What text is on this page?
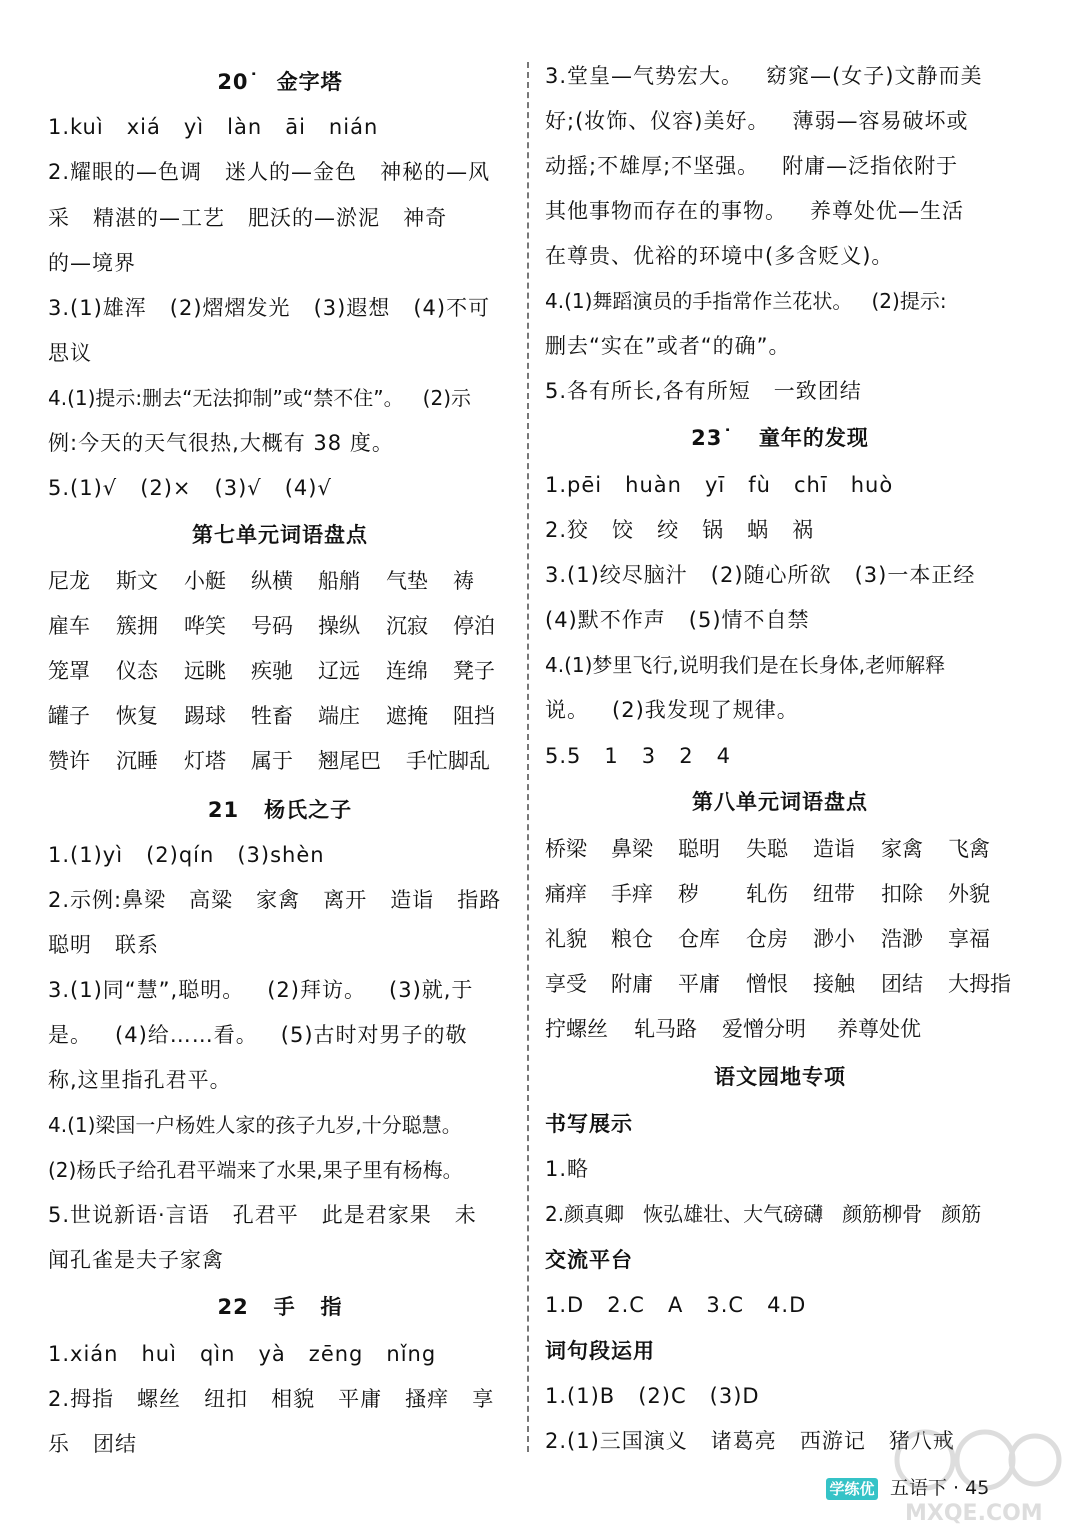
20˙  金字塔
1.kuì   xiá   yì   làn   āi   nián
2.耀眼的—色调   迷人的—金色   神秘的—风
采   精湛的—工艺   肥沃的—淤泥   神奇
的—境界
3.(1)雄浑   (2)熠熠发光   (3)遐想   (4)不可
思议
4.(1)提示:删去“无法抑制”或“禁不住”。   (2)示
例:今天的天气很热,大概有 38 度。
5.(1)√   (2)×   (3)√   (4)√
第七单元词语盘点
尼龙 斯文 小艇 纵横 船艄 气垫 祷
雇车 簇拥 哗笑 号码 操纵 沉寂 停泊
笼罩 仪态 远眺 疾驰 辽远 连绵 凳子
罐子 恢复 踢球 牲畜 端庄 遮掩 阻挡
赞许 沉睡 灯塔 属于 翘尾巴 手忙脚乱
21   杨氏之子
1.(1)yì   (2)qín   (3)shèn
2.示例:鼻梁   高粱   家禽   离开   造诣   指路
聪明   联系
3.(1)同“慧”,聪明。   (2)拜访。   (3)就,于
是。   (4)给……看。   (5)古时对男子的敬
称,这里指孔君平。
4.(1)梁国一户杨姓人家的孩子九岁,十分聪慧。
(2)杨氏子给孔君平端来了水果,果子里有杨梅。
5.世说新语·言语   孔君平   此是君家果   未
闻孔雀是夫子家禽
22   手   指
1.xián   huì   qìn   yà   zēng   nǐng
2.拇指   螺丝   纽扣   相貌   平庸   搔痒   享
乐   团结
3.堂皇—气势宏大。   窈窕—(女子)文静而美
好;(妆饰、仪容)美好。   薄弱—容易破坏或
动摇;不雄厚;不坚强。   附庸—泛指依附于
其他事物而存在的事物。   养尊处优—生活
在尊贵、优裕的环境中(多含贬义)。
4.(1)舞蹈演员的手指常作兰花状。   (2)提示:
删去“实在”或者“的确”。
5.各有所长,各有所短   一致团结
23˙   童年的发现
1.pēi   huàn   yī   fù   chī   huò
2.狡   饺   绞   锅   蜗   祸
3.(1)绞尽脑汁   (2)随心所欲   (3)一本正经
(4)默不作声   (5)情不自禁
4.(1)梦里飞行,说明我们是在长身体,老师解释
说。   (2)我发现了规律。
5.5   1   3   2   4
第八单元词语盘点
桥梁 鼻梁 聪明 失聪 造诣 家禽 飞禽
痛痒 手痒 秽 轧伤 纽带 扣除 外貌
礼貌 粮仓 仓库 仓房 渺小 浩渺 享福
享受 附庸 平庸 憎恨 接触 团结 大拇指
拧螺丝 轧马路 爱憎分明 养尊处优
语文园地专项
书写展示
1.略
2.颜真卿   恢弘雄壮、大气磅礴   颜筋柳骨   颜筋
交流平台
1.D   2.C   A   3.C   4.D
词句段运用
1.(1)B   (2)C   (3)D
2.(1)三国演义   诸葛亮   西游记   猪八戒
学练优 五语下 · 45
MXQE.COM
